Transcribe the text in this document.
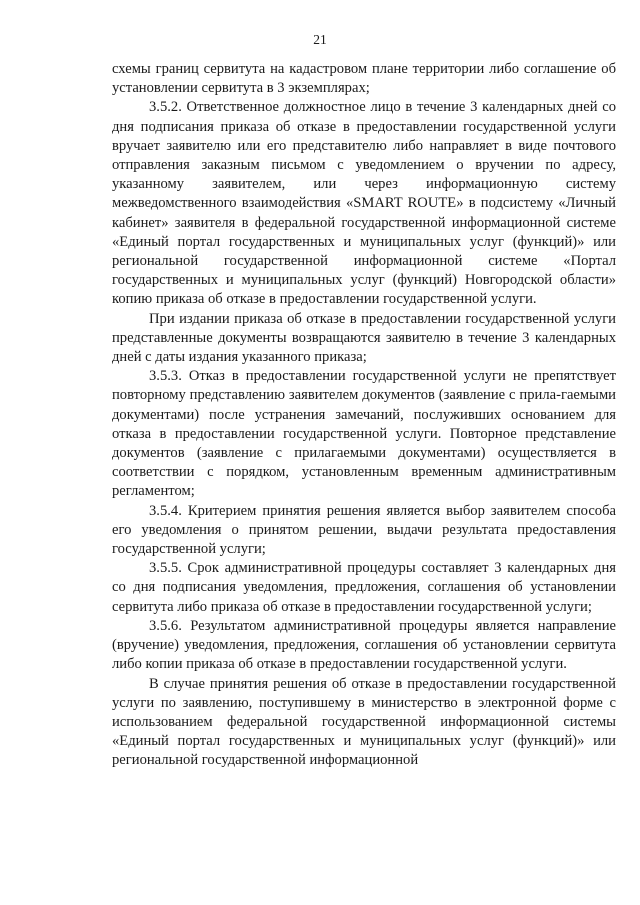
21

схемы границ сервитута на кадастровом плане территории либо соглашение об установлении сервитута в 3 экземплярах;

3.5.2. Ответственное должностное лицо в течение 3 календарных дней со дня подписания приказа об отказе в предоставлении государственной услуги вручает заявителю или его представителю либо направляет в виде почтового отправления заказным письмом с уведомлением о вручении по адресу, указанному заявителем, или через информационную систему межведомственного взаимодействия «SMART ROUTE» в подсистему «Личный кабинет» заявителя в федеральной государственной информационной системе «Единый портал государственных и муниципальных услуг (функций)» или региональной государственной информационной системе «Портал государственных и муниципальных услуг (функций) Новгородской области» копию приказа об отказе в предоставлении государственной услуги.

При издании приказа об отказе в предоставлении государственной услуги представленные документы возвращаются заявителю в течение 3 календарных дней с даты издания указанного приказа;

3.5.3. Отказ в предоставлении государственной услуги не препятствует повторному представлению заявителем документов (заявление с прила-гаемыми документами) после устранения замечаний, послуживших основанием для отказа в предоставлении государственной услуги. Повторное представление документов (заявление с прилагаемыми документами) осуществляется в соответствии с порядком, установленным временным административным регламентом;

3.5.4. Критерием принятия решения является выбор заявителем способа его уведомления о принятом решении, выдачи результата предоставления государственной услуги;

3.5.5. Срок административной процедуры составляет 3 календарных дня со дня подписания уведомления, предложения, соглашения об установлении сервитута либо приказа об отказе в предоставлении государственной услуги;

3.5.6. Результатом административной процедуры является направление (вручение) уведомления, предложения, соглашения об установлении сервитута либо копии приказа об отказе в предоставлении государственной услуги.

В случае принятия решения об отказе в предоставлении государственной услуги по заявлению, поступившему в министерство в электронной форме с использованием федеральной государственной информационной системы «Единый портал государственных и муниципальных услуг (функций)» или региональной государственной информационной
